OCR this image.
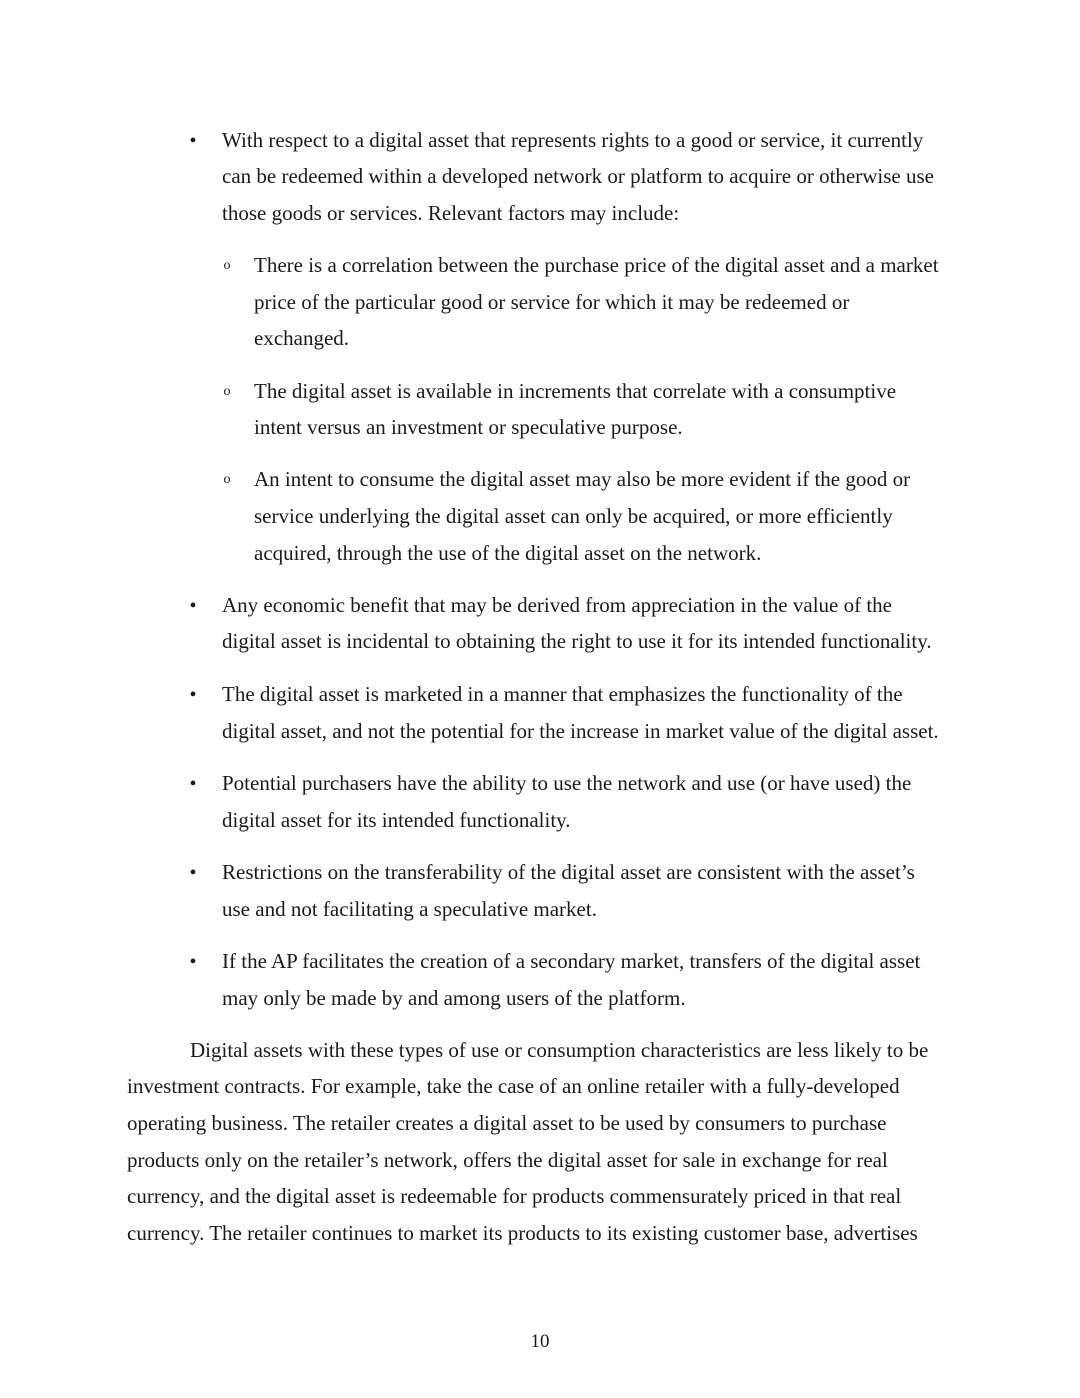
•
With respect to a digital asset that represents rights to a good or service, it currently
can be redeemed within a developed network or platform to acquire or otherwise use
those goods or services. Relevant factors may include:
o
There is a correlation between the purchase price of the digital asset and a market
price of the particular good or service for which it may be redeemed or
exchanged.
o
The digital asset is available in increments that correlate with a consumptive
intent versus an investment or speculative purpose.
o
An intent to consume the digital asset may also be more evident if the good or
service underlying the digital asset can only be acquired, or more efficiently
acquired, through the use of the digital asset on the network.
•
Any economic benefit that may be derived from appreciation in the value of the
digital asset is incidental to obtaining the right to use it for its intended functionality.
•
The digital asset is marketed in a manner that emphasizes the functionality of the
digital asset, and not the potential for the increase in market value of the digital asset.
•
Potential purchasers have the ability to use the network and use (or have used) the
digital asset for its intended functionality.
•
Restrictions on the transferability of the digital asset are consistent with the asset’s
use and not facilitating a speculative market.
•
If the AP facilitates the creation of a secondary market, transfers of the digital asset
may only be made by and among users of the platform.
Digital assets with these types of use or consumption characteristics are less likely to be
investment contracts. For example, take the case of an online retailer with a fully-developed
operating business. The retailer creates a digital asset to be used by consumers to purchase
products only on the retailer’s network, offers the digital asset for sale in exchange for real
currency, and the digital asset is redeemable for products commensurately priced in that real
currency. The retailer continues to market its products to its existing customer base, advertises
10
